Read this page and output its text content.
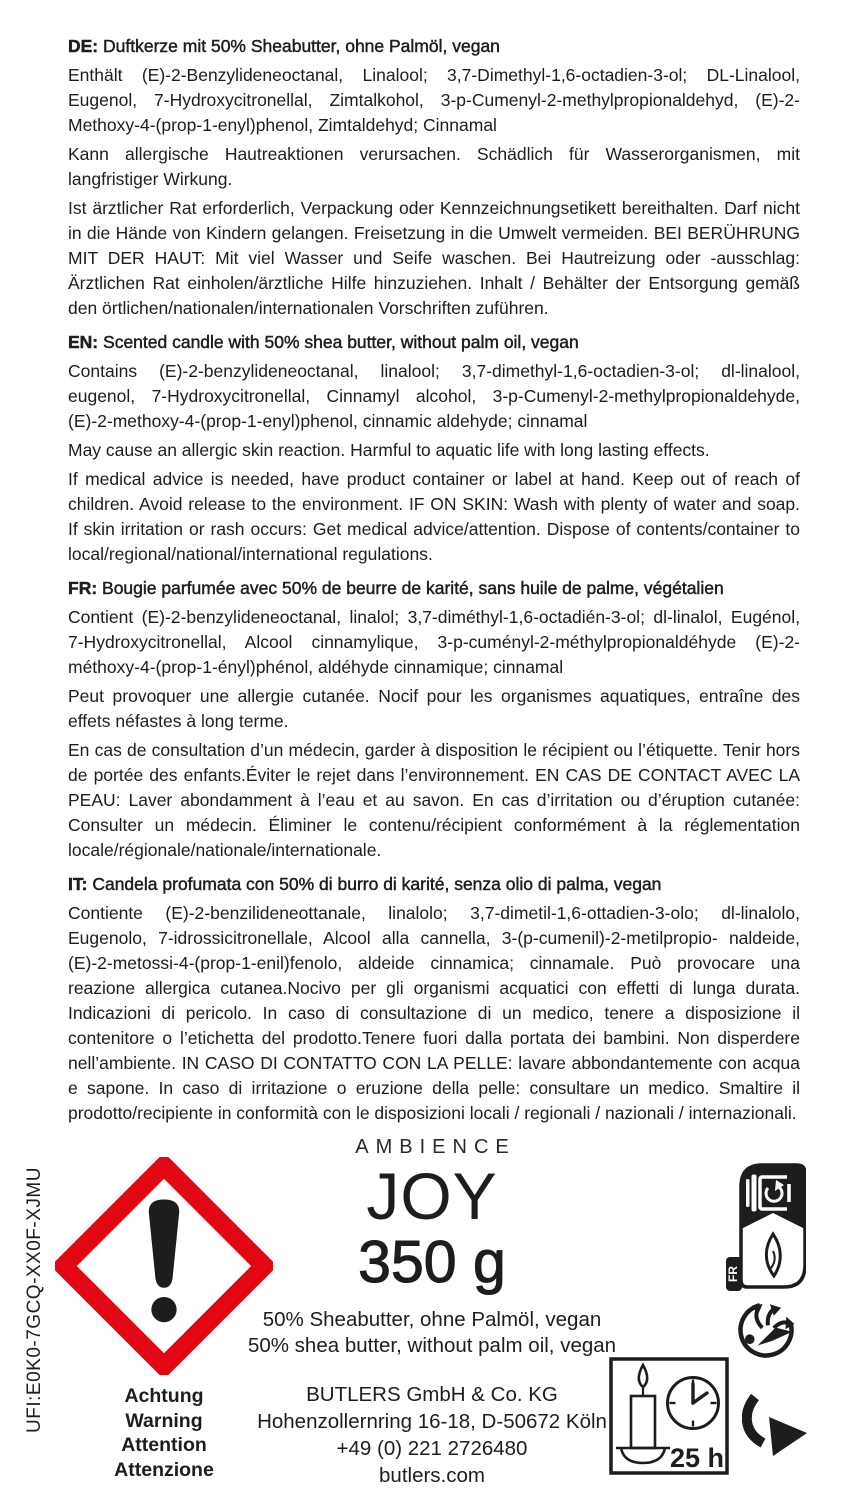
DE: Duftkerze mit 50% Sheabutter, ohne Palmöl, vegan

Enthält (E)-2-Benzylideneoctanal, Linalool; 3,7-Dimethyl-1,6-octadien-3-ol; DL-Linalool, Eugenol, 7-Hydroxycitronellal, Zimtalkohol, 3-p-Cumenyl-2-methylpropionaldehyd, (E)-2-Methoxy-4-(prop-1-enyl)phenol, Zimtaldehyd; Cinnamal

Kann allergische Hautreaktionen verursachen. Schädlich für Wasserorganismen, mit langfristiger Wirkung.

Ist ärztlicher Rat erforderlich, Verpackung oder Kennzeichnungsetikett bereithalten. Darf nicht in die Hände von Kindern gelangen. Freisetzung in die Umwelt vermeiden. BEI BERÜHRUNG MIT DER HAUT: Mit viel Wasser und Seife waschen. Bei Hautreizung oder -ausschlag: Ärztlichen Rat einholen/ärztliche Hilfe hinzuziehen. Inhalt / Behälter der Entsorgung gemäß den örtlichen/nationalen/internationalen Vorschriften zuführen.

EN: Scented candle with 50% shea butter, without palm oil, vegan

Contains (E)-2-benzylideneoctanal, linalool; 3,7-dimethyl-1,6-octadien-3-ol; dl-linalool, eugenol, 7-Hydroxycitronellal, Cinnamyl alcohol, 3-p-Cumenyl-2-methylpropionaldehyde, (E)-2-methoxy-4-(prop-1-enyl)phenol, cinnamic aldehyde; cinnamal

May cause an allergic skin reaction. Harmful to aquatic life with long lasting effects.

If medical advice is needed, have product container or label at hand. Keep out of reach of children. Avoid release to the environment. IF ON SKIN: Wash with plenty of water and soap. If skin irritation or rash occurs: Get medical advice/attention. Dispose of contents/container to local/regional/national/international regulations.

FR: Bougie parfumée avec 50% de beurre de karité, sans huile de palme, végétalien

Contient (E)-2-benzylideneoctanal, linalol; 3,7-diméthyl-1,6-octadién-3-ol; dl-linalol, Eugénol, 7-Hydroxycitronellal, Alcool cinnamylique, 3-p-cuményl-2-méthylpropionaldéhyde (E)-2-méthoxy-4-(prop-1-ényl)phénol, aldéhyde cinnamique; cinnamal

Peut provoquer une allergie cutanée. Nocif pour les organismes aquatiques, entraîne des effets néfastes à long terme.

En cas de consultation d’un médecin, garder à disposition le récipient ou l’étiquette. Tenir hors de portée des enfants.Éviter le rejet dans l’environnement. EN CAS DE CONTACT AVEC LA PEAU: Laver abondamment à l’eau et au savon. En cas d’irritation ou d’éruption cutanée: Consulter un médecin. Éliminer le contenu/récipient conformément à la réglementation locale/régionale/nationale/internationale.

IT: Candela profumata con 50% di burro di karité, senza olio di palma, vegan

Contiente (E)-2-benzilideneottanale, linalolo; 3,7-dimetil-1,6-ottadien-3-olo; dl-linalolo, Eugenolo, 7-idrossicitronellale, Alcool alla cannella, 3-(p-cumenil)-2-metilpropio- naldeide, (E)-2-metossi-4-(prop-1-enil)fenolo, aldeide cinnamica; cinnamale. Può provocare una reazione allergica cutanea.Nocivo per gli organismi acquatici con effetti di lunga durata. Indicazioni di pericolo. In caso di consultazione di un medico, tenere a disposizione il contenitore o l’etichetta del prodotto.Tenere fuori dalla portata dei bambini. Non disperdere nell’ambiente. IN CASO DI CONTATTO CON LA PELLE: lavare abbondantemente con acqua e sapone. In caso di irritazione o eruzione della pelle: consultare un medico. Smaltire il prodotto/recipiente in conformità con le disposizioni locali / regionali / nazionali / internazionali.

UFI:E0K0-7GCQ-XX0F-XJMU	Achtung
Warning
Attention
Attenzione
AMBIENCE
JOY
350 g
50% Sheabutter, ohne Palmöl, vegan
50% shea butter, without palm oil, vegan
BUTLERS GmbH & Co. KG
Hohenzollernring 16-18, D-50672 Köln
+49 (0) 221 2726480
butlers.com
FR
25 h
